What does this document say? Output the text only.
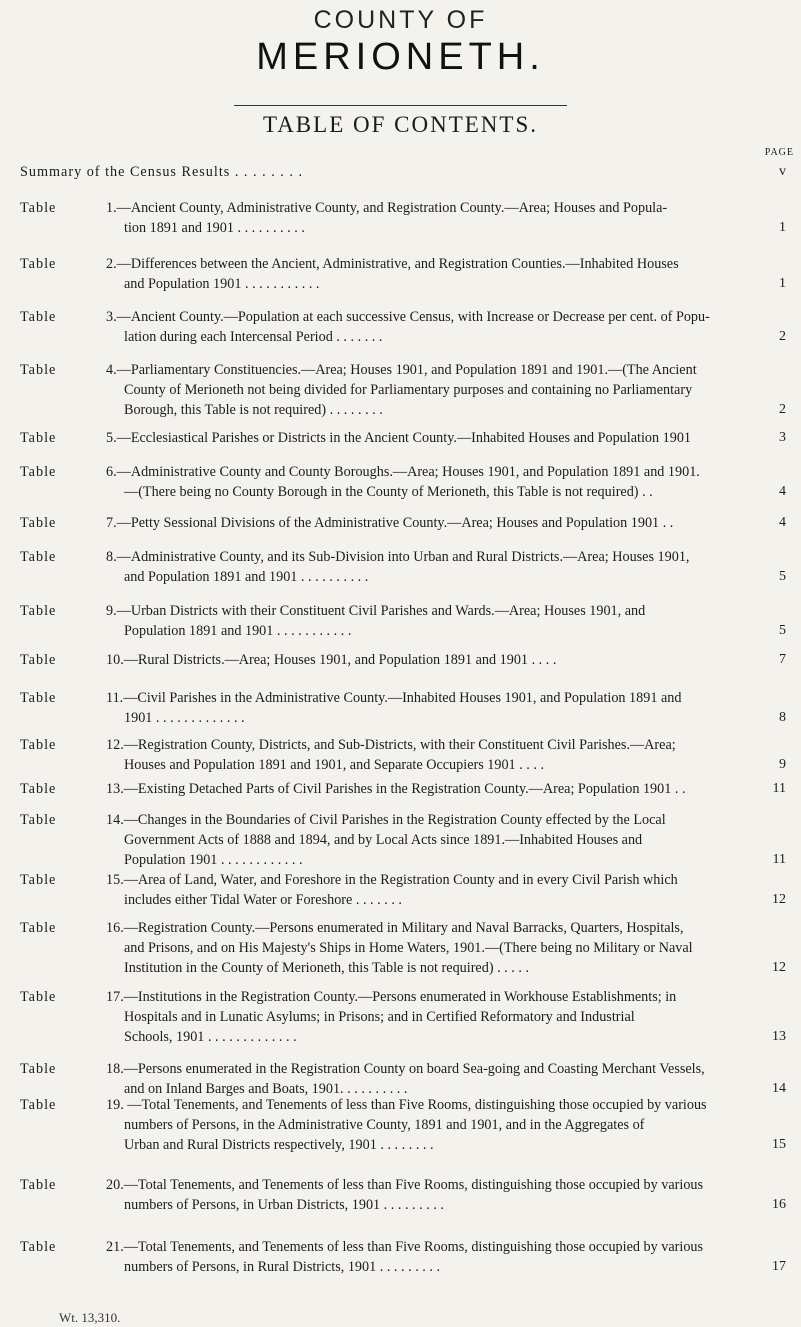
COUNTY OF
MERIONETH.
TABLE OF CONTENTS.
PAGE
Summary of the Census Results . . . . . . . .	v
Table	1.—Ancient County, Administrative County, and Registration County.—Area; Houses and Popula-
tion 1891 and 1901 . . . . . . . . . .	1
Table	2.—Differences between the Ancient, Administrative, and Registration Counties.—Inhabited Houses
and Population 1901 . . . . . . . . . . .	1
Table	3.—Ancient County.—Population at each successive Census, with Increase or Decrease per cent. of Popu-
lation during each Intercensal Period . . . . . . .	2
Table	4.—Parliamentary Constituencies.—Area; Houses 1901, and Population 1891 and 1901.—(The Ancient
County of Merioneth not being divided for Parliamentary purposes and containing no Parliamentary
Borough, this Table is not required) . . . . . . . .	2
Table	5.—Ecclesiastical Parishes or Districts in the Ancient County.—Inhabited Houses and Population 1901	3
Table	6.—Administrative County and County Boroughs.—Area; Houses 1901, and Population 1891 and 1901.
—(There being no County Borough in the County of Merioneth, this Table is not required) . .	4
Table	7.—Petty Sessional Divisions of the Administrative County.—Area; Houses and Population 1901 . .	4
Table	8.—Administrative County, and its Sub-Division into Urban and Rural Districts.—Area; Houses 1901,
and Population 1891 and 1901 . . . . . . . . . .	5
Table	9.—Urban Districts with their Constituent Civil Parishes and Wards.—Area; Houses 1901, and
Population 1891 and 1901 . . . . . . . . . . .	5
Table	10.—Rural Districts.—Area; Houses 1901, and Population 1891 and 1901 . . . .	7
Table	11.—Civil Parishes in the Administrative County.—Inhabited Houses 1901, and Population 1891 and
1901 . . . . . . . . . . . . .	8
Table	12.—Registration County, Districts, and Sub-Districts, with their Constituent Civil Parishes.—Area;
Houses and Population 1891 and 1901, and Separate Occupiers 1901 . . . .	9
Table	13.—Existing Detached Parts of Civil Parishes in the Registration County.—Area; Population 1901 . .	11
Table	14.—Changes in the Boundaries of Civil Parishes in the Registration County effected by the Local
Government Acts of 1888 and 1894, and by Local Acts since 1891.—Inhabited Houses and
Population 1901 . . . . . . . . . . . .	11
Table	15.—Area of Land, Water, and Foreshore in the Registration County and in every Civil Parish which
includes either Tidal Water or Foreshore . . . . . . .	12
Table	16.—Registration County.—Persons enumerated in Military and Naval Barracks, Quarters, Hospitals,
and Prisons, and on His Majesty's Ships in Home Waters, 1901.—(There being no Military or Naval
Institution in the County of Merioneth, this Table is not required) . . . . .	12
Table	17.—Institutions in the Registration County.—Persons enumerated in Workhouse Establishments; in
Hospitals and in Lunatic Asylums; in Prisons; and in Certified Reformatory and Industrial
Schools, 1901 . . . . . . . . . . . . .	13
Table	18.—Persons enumerated in the Registration County on board Sea-going and Coasting Merchant Vessels,
and on Inland Barges and Boats, 1901. . . . . . . . . .	14
Table	19. —Total Tenements, and Tenements of less than Five Rooms, distinguishing those occupied by various
numbers of Persons, in the Administrative County, 1891 and 1901, and in the Aggregates of
Urban and Rural Districts respectively, 1901 . . . . . . . .	15
Table	20.—Total Tenements, and Tenements of less than Five Rooms, distinguishing those occupied by various
numbers of Persons, in Urban Districts, 1901 . . . . . . . . .	16
Table	21.—Total Tenements, and Tenements of less than Five Rooms, distinguishing those occupied by various
numbers of Persons, in Rural Districts, 1901 . . . . . . . . .	17
Wt. 13,310.
